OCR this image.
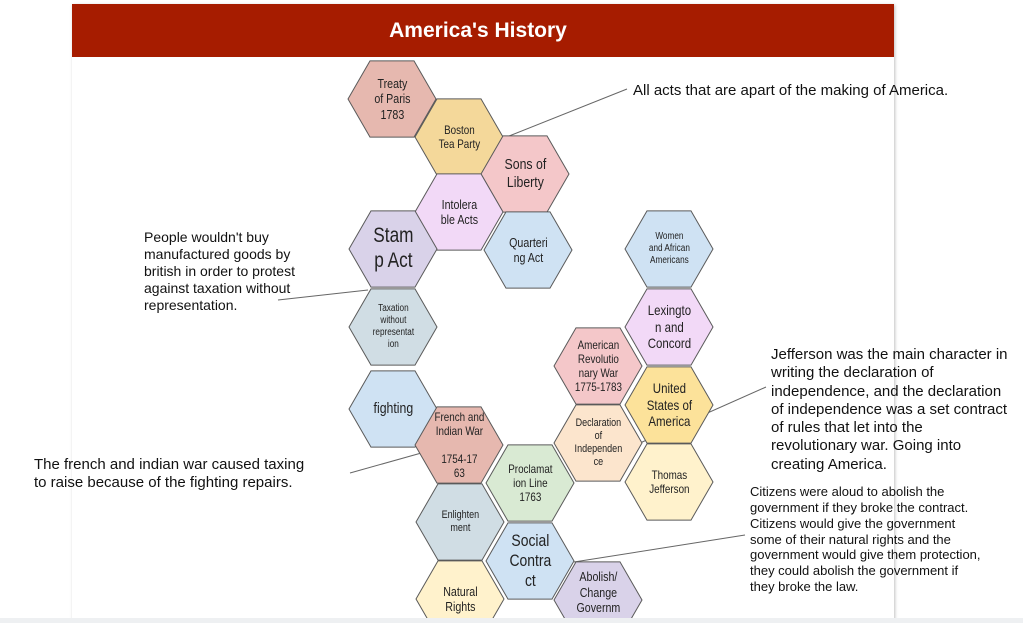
America's History
Treaty
of Paris
1783
Boston
Tea Party
Sons of
Liberty
Intolera
ble Acts
Stam
p Act
Quarteri
ng Act
Taxation
without
representat
ion
fighting	French and
Indian War

1754-17
63	Proclamat
ion Line
1763
Enlighten
ment
Social
Contra
ct
Natural
Rights
Abolish/
Change
Governm

Declaration
of
Independen
ce
American
Revolutio
nary War
1775-1783
Women
and African
Americans
Lexingto
n and
Concord
United
States of
America
Thomas
Jefferson
All acts that are apart of the making of America.
People wouldn't buy
manufactured goods by
british in order to protest
against taxation without
representation.
Jefferson was the main character in
writing the declaration of
independence, and the declaration
of independence was a set contract
of rules that let into the
revolutionary war. Going into
creating America.
The french and indian war caused taxing
to raise because of the fighting repairs.
Citizens were aloud to abolish the
government if they broke the contract.
Citizens would give the government
some of their natural rights and the
government would give them protection,
they could abolish the government if
they broke the law.
